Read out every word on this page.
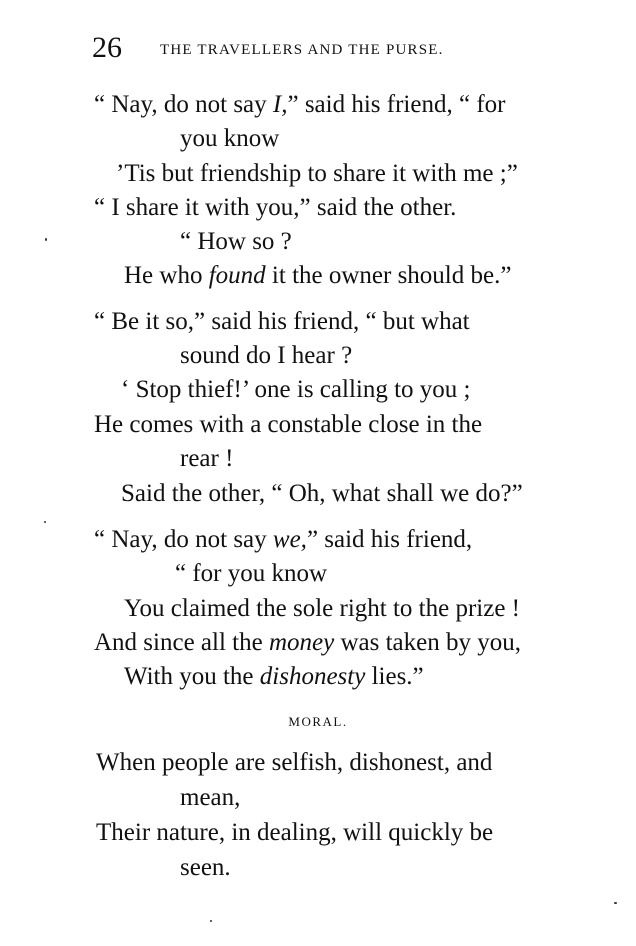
26	THE TRAVELLERS AND THE PURSE.
“ Nay, do not say I,” said his friend, “ for
you know
’Tis but friendship to share it with me ;”
“ I share it with you,” said the other.
“ How so ?
He who found it the owner should be.”
“ Be it so,” said his friend, “ but what
sound do I hear ?
‘ Stop thief!’ one is calling to you ;
He comes with a constable close in the
rear !
Said the other, “ Oh, what shall we do?”
“ Nay, do not say we,” said his friend,
“ for you know
You claimed the sole right to the prize !
And since all the money was taken by you,
With you the dishonesty lies.”
MORAL.
When people are selfish, dishonest, and
mean,
Their nature, in dealing, will quickly be
seen.
